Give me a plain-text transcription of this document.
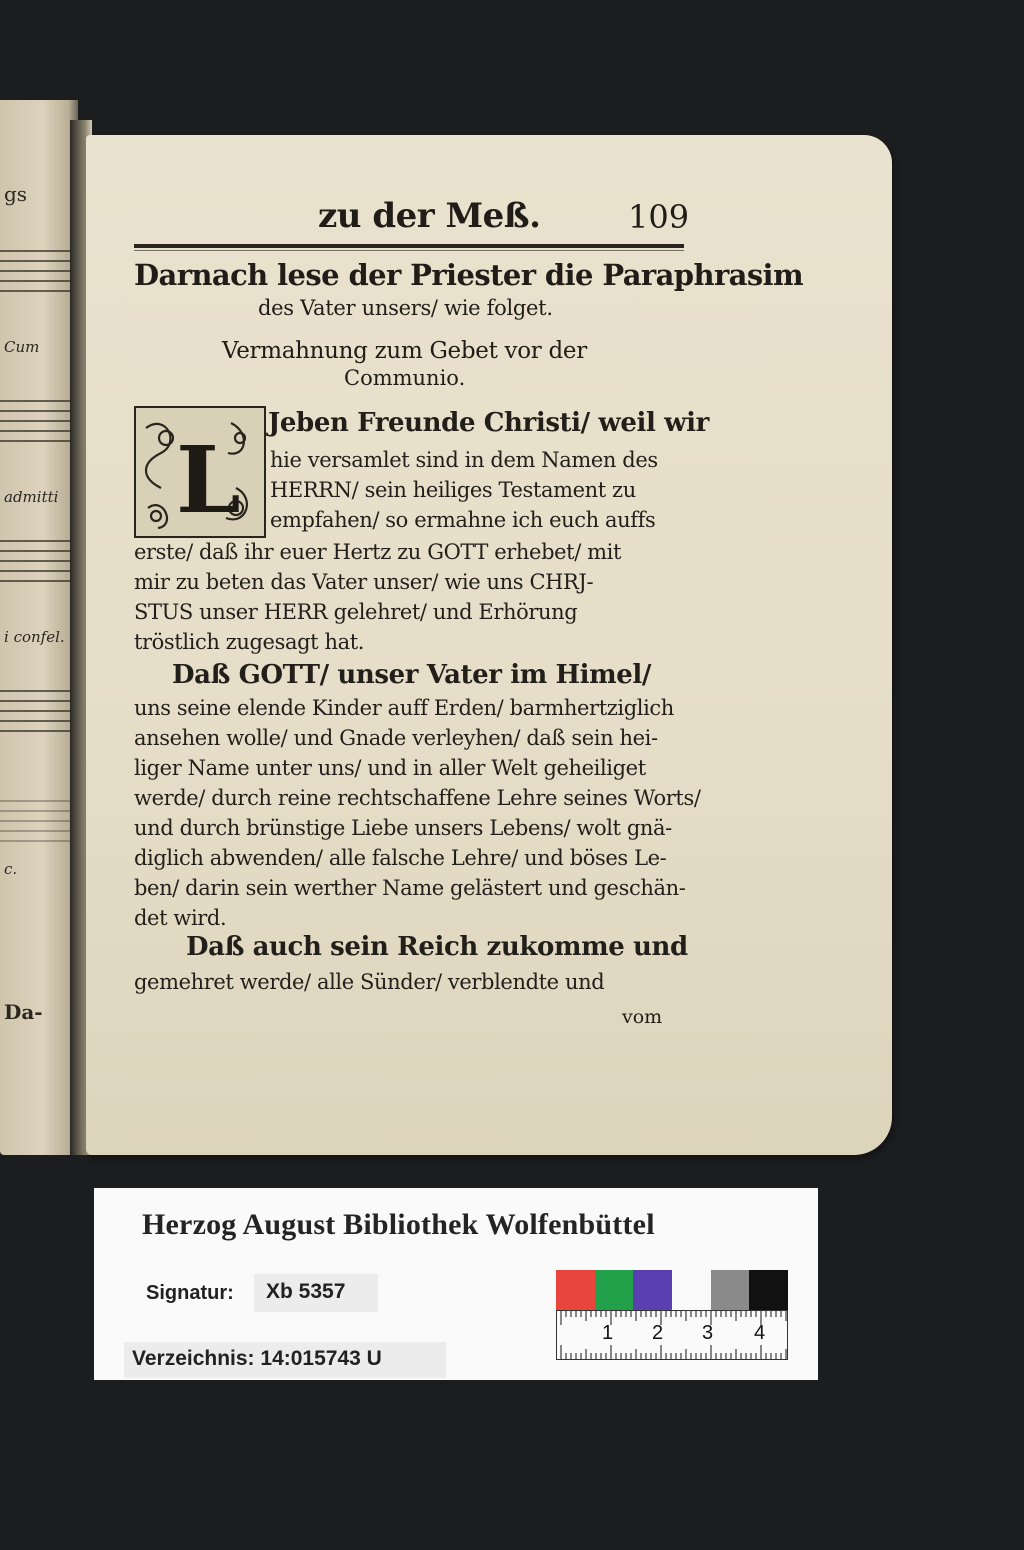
gs
Cum
admitti
i confel.
c.
Da-
zu der Meß.	109
Darnach lese der Priester die Paraphrasim
des Vater unsers/ wie folget.
Vermahnung zum Gebet vor der
Communio.
L
Jeben Freunde Christi/ weil wir
hie versamlet sind in dem Namen des
HERRN/ sein heiliges Testament zu
empfahen/ so ermahne ich euch auffs
erste/ daß ihr euer Hertz zu GOTT erhebet/ mit
mir zu beten das Vater unser/ wie uns CHRJ-
STUS unser HERR gelehret/ und Erhörung
tröstlich zugesagt hat.
Daß GOTT/ unser Vater im Himel/
uns seine elende Kinder auff Erden/ barmhertziglich
ansehen wolle/ und Gnade verleyhen/ daß sein hei-
liger Name unter uns/ und in aller Welt geheiliget
werde/ durch reine rechtschaffene Lehre seines Worts/
und durch brünstige Liebe unsers Lebens/ wolt gnä-
diglich abwenden/ alle falsche Lehre/ und böses Le-
ben/ darin sein werther Name gelästert und geschän-
det wird.
Daß auch sein Reich zukomme und
gemehret werde/ alle Sünder/ verblendte und
vom
Herzog August Bibliothek Wolfenbüttel
Signatur: Xb 5357
Verzeichnis: 14:015743 U
1 2 3 4
